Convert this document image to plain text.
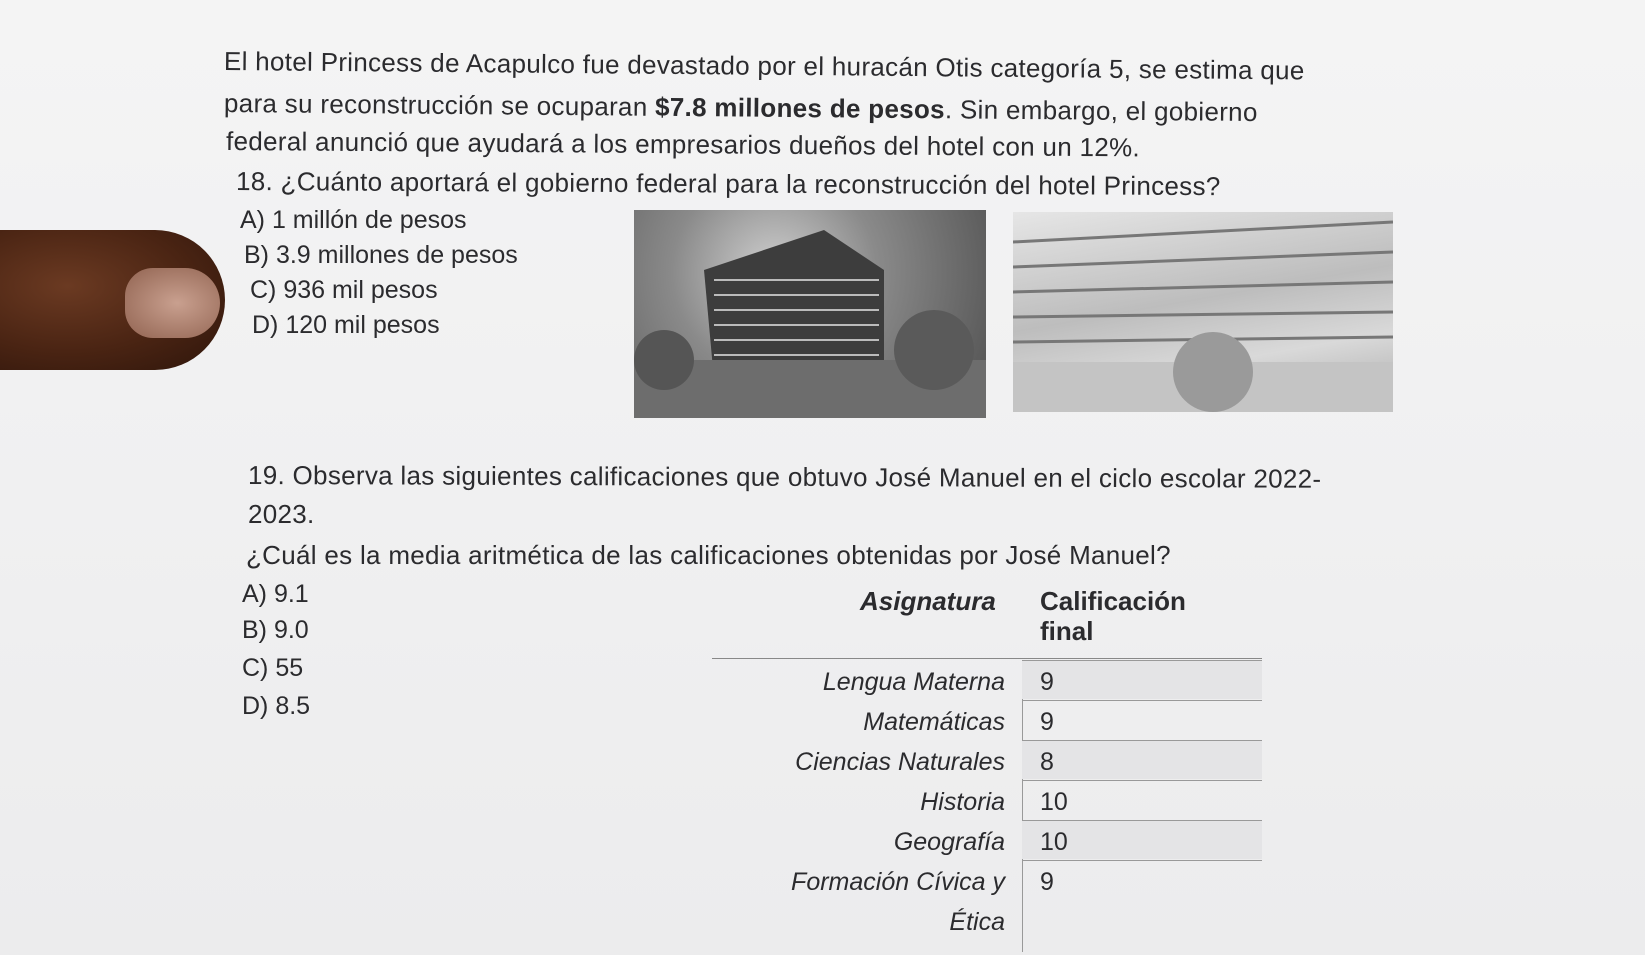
El hotel Princess de Acapulco fue devastado por el huracán Otis categoría 5, se estima que
para su reconstrucción se ocuparan $7.8 millones de pesos. Sin embargo, el gobierno
federal anunció que ayudará a los empresarios dueños del hotel con un 12%.
18. ¿Cuánto aportará el gobierno federal para la reconstrucción del hotel Princess?
A) 1 millón de pesos
B) 3.9 millones de pesos
C) 936 mil pesos
D) 120 mil pesos
19. Observa las siguientes calificaciones que obtuvo José Manuel en el ciclo escolar 2022-
2023.
¿Cuál es la media aritmética de las calificaciones obtenidas por José Manuel?
A) 9.1
B) 9.0
C) 55
D) 8.5
Asignatura Calificación
final
Lengua Materna 9
Matemáticas 9
Ciencias Naturales 8
Historia 10
Geografía 10
Formación Cívica y 9
Ética
